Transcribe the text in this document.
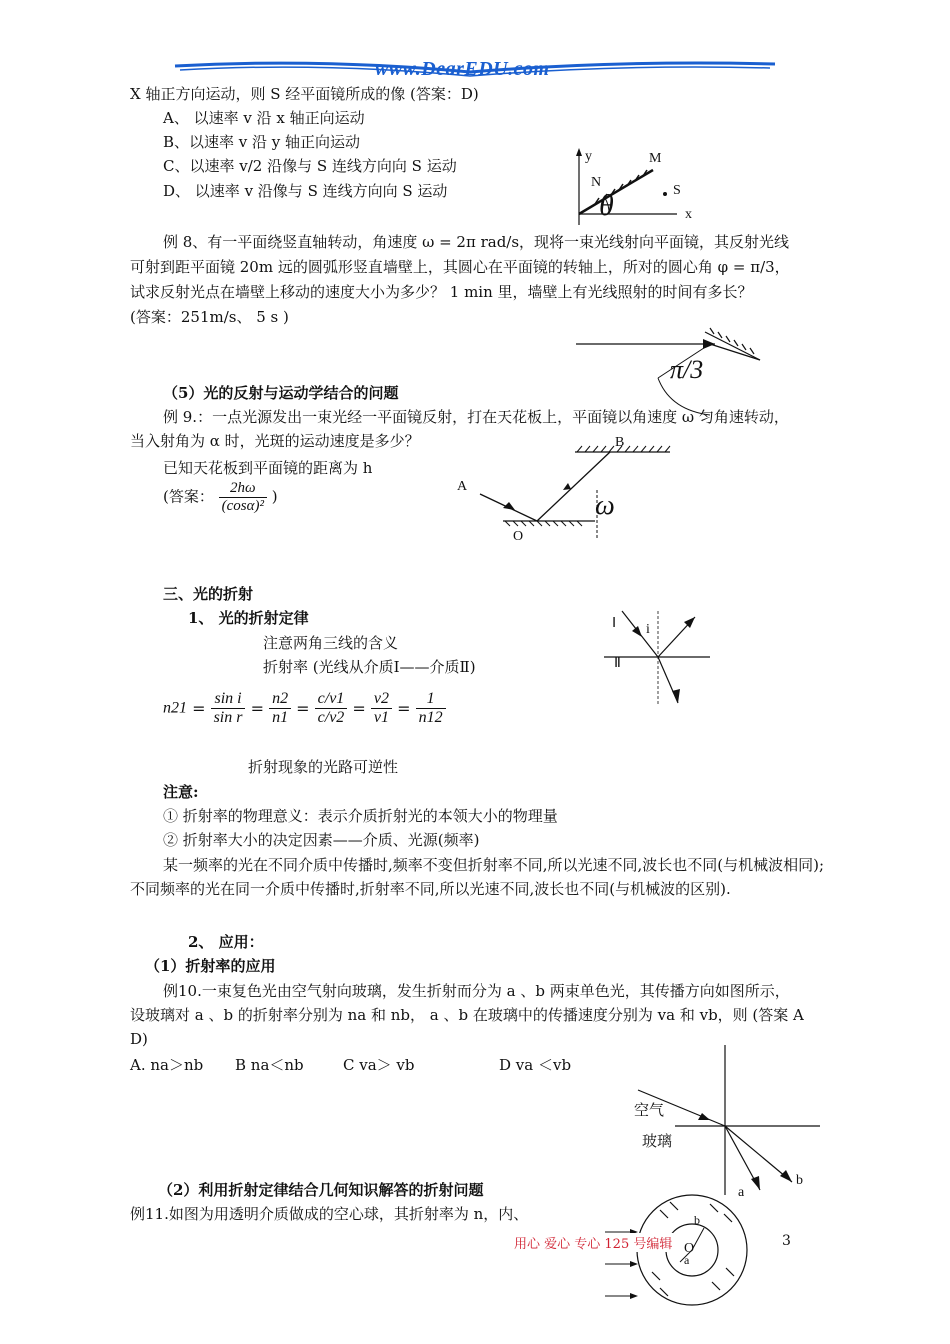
www.DearEDU.com
X 轴正方向运动，则 S 经平面镜所成的像 (答案：D)
A、 以速率 v 沿 x 轴正向运动
B、以速率 v 沿 y 轴正向运动
C、以速率 v/2 沿像与 S 连线方向向 S 运动
D、 以速率 v 沿像与 S 连线方向向 S 运动
y	M
N
S
x
θ
例 8、有一平面绕竖直轴转动，角速度 ω = 2π rad/s，现将一束光线射向平面镜，其反射光线
可射到距平面镜 20m 远的圆弧形竖直墙壁上，其圆心在平面镜的转轴上，所对的圆心角 φ = π/3，
试求反射光点在墙壁上移动的速度大小为多少？ 1 min 里，墙壁上有光线照射的时间有多长？
(答案：251m/s、 5 s )
π/3
（5）光的反射与运动学结合的问题
例 9.：一点光源发出一束光经一平面镜反射，打在天花板上，平面镜以角速度 ω 匀角速转动，
当入射角为 α 时，光斑的运动速度是多少？
已知天花板到平面镜的距离为 h
(答案： $\frac{2h\omega}{\text{(cosα)²}}$ )
A
B
O
ω
三、光的折射
1、 光的折射定律
注意两角三线的含义
折射率 (光线从介质Ⅰ——介质Ⅱ)
$n21 = \frac{\text{sin i}}{\text{sin r}} = \frac{n2}{n1} = \frac{c/v1}{c/v2} = \frac{v2}{v1} = \frac{1}{n12}$
Ⅰ
Ⅱ
i
折射现象的光路可逆性
注意:
① 折射率的物理意义：表示介质折射光的本领大小的物理量
② 折射率大小的决定因素——介质、光源(频率)
某一频率的光在不同介质中传播时,频率不变但折射率不同,所以光速不同,波长也不同(与机械波相同);不同频率的光在同一介质中传播时,折射率不同,所以光速不同,波长也不同(与机械波的区别).
2、 应用：
（1）折射率的应用
例10.一束复色光由空气射向玻璃，发生折射而分为 a 、b 两束单色光，其传播方向如图所示，
设玻璃对 a 、b 的折射率分别为 na 和 nb， a 、b 在玻璃中的传播速度分别为 va 和 vb，则 (答案 A
D)
A. na＞nb B na＜nb	C va＞ vb	D va ＜vb
空气
玻璃
a
b
（2）利用折射定律结合几何知识解答的折射问题
例11.如图为用透明介质做成的空心球，其折射率为 n，内、
O
a
b
用心 爱心 专心 125 号编辑	3
